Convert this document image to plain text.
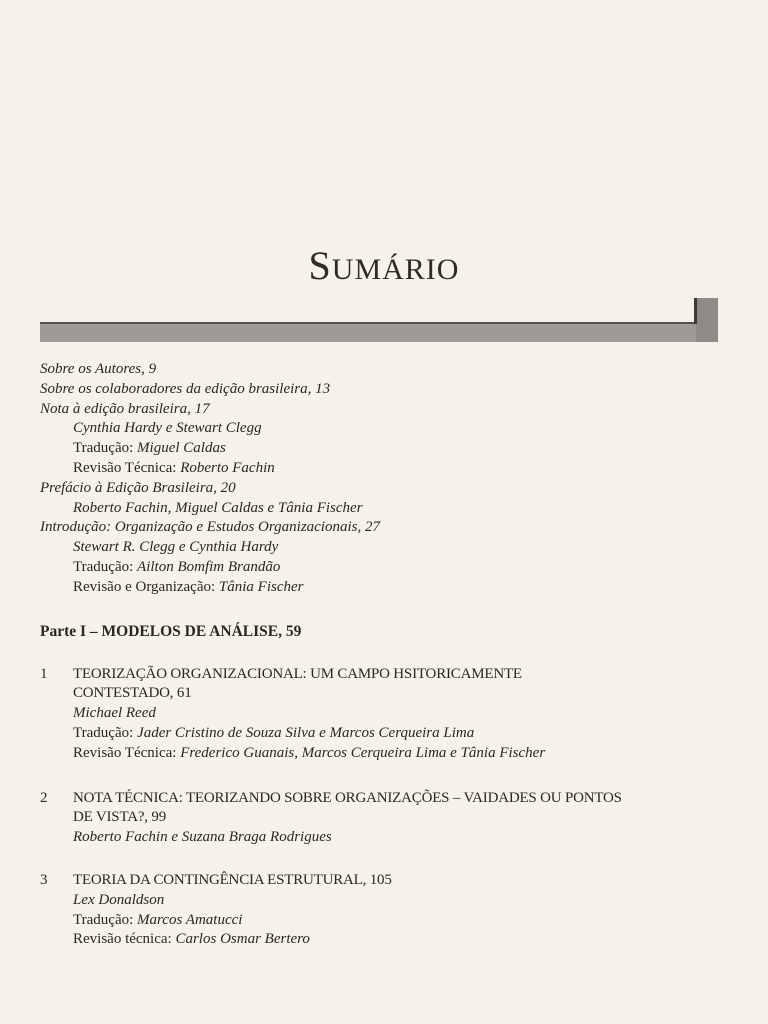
SUMÁRIO
Sobre os Autores, 9
Sobre os colaboradores da edição brasileira, 13
Nota à edição brasileira, 17
Cynthia Hardy e Stewart Clegg
Tradução: Miguel Caldas
Revisão Técnica: Roberto Fachin
Prefácio à Edição Brasileira, 20
Roberto Fachin, Miguel Caldas e Tânia Fischer
Introdução: Organização e Estudos Organizacionais, 27
Stewart R. Clegg e Cynthia Hardy
Tradução: Ailton Bomfim Brandão
Revisão e Organização: Tânia Fischer
Parte I – MODELOS DE ANÁLISE, 59
1 TEORIZAÇÃO ORGANIZACIONAL: UM CAMPO HSITORICAMENTE
CONTESTADO, 61
Michael Reed
Tradução: Jader Cristino de Souza Silva e Marcos Cerqueira Lima
Revisão Técnica: Frederico Guanais, Marcos Cerqueira Lima e Tânia Fischer
2 NOTA TÉCNICA: TEORIZANDO SOBRE ORGANIZAÇÕES – VAIDADES OU PONTOS
DE VISTA?, 99
Roberto Fachin e Suzana Braga Rodrigues
3 TEORIA DA CONTINGÊNCIA ESTRUTURAL, 105
Lex Donaldson
Tradução: Marcos Amatucci
Revisão técnica: Carlos Osmar Bertero
